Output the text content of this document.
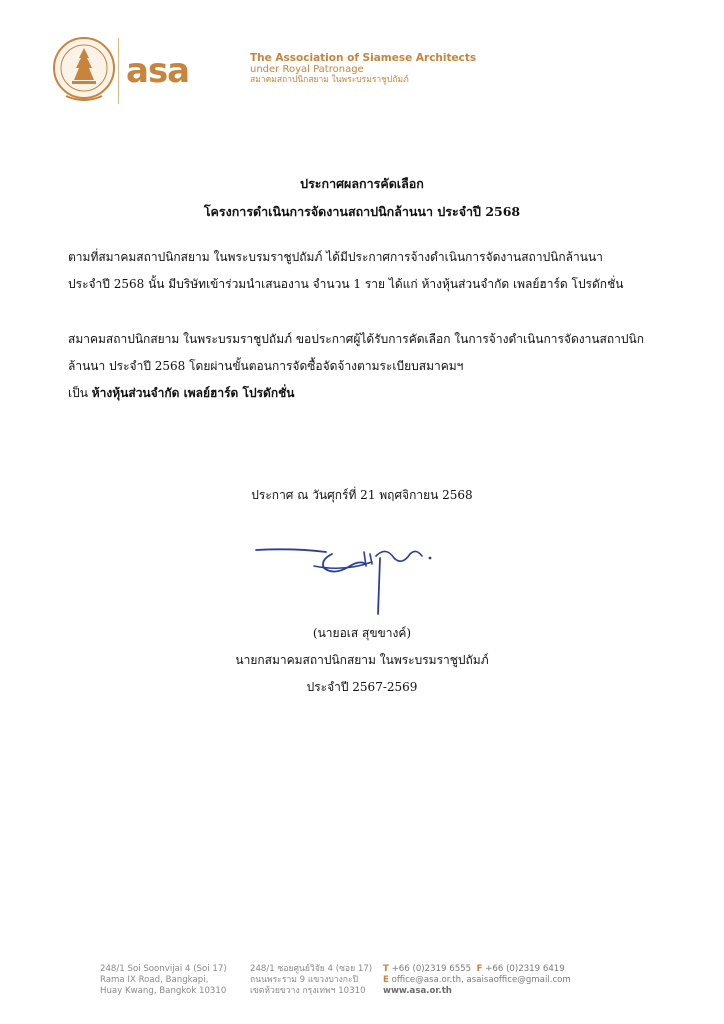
asa	The Association of Siamese Architects
under Royal Patronage
สมาคมสถาปนิกสยาม ในพระบรมราชูปถัมภ์
ประกาศผลการคัดเลือก
โครงการดำเนินการจัดงานสถาปนิกล้านนา ประจำปี 2568
ตามที่สมาคมสถาปนิกสยาม ในพระบรมราชูปถัมภ์ ได้มีประกาศการจ้างดำเนินการจัดงานสถาปนิกล้านนา
ประจำปี 2568 นั้น มีบริษัทเข้าร่วมนำเสนองาน จำนวน 1 ราย ได้แก่ ห้างหุ้นส่วนจำกัด เพลย์ฮาร์ด โปรดักชั่น
สมาคมสถาปนิกสยาม ในพระบรมราชูปถัมภ์ ขอประกาศผู้ได้รับการคัดเลือก ในการจ้างดำเนินการจัดงานสถาปนิก
ล้านนา ประจำปี 2568 โดยผ่านขั้นตอนการจัดซื้อจัดจ้างตามระเบียบสมาคมฯ
เป็น ห้างหุ้นส่วนจำกัด เพลย์ฮาร์ด โปรดักชั่น
ประกาศ ณ วันศุกร์ที่ 21 พฤศจิกายน 2568
(นายอเส สุขขางค์)
นายกสมาคมสถาปนิกสยาม ในพระบรมราชูปถัมภ์
ประจำปี 2567-2569
248/1 Soi Soonvijai 4 (Soi 17)
Rama IX Road, Bangkapi,
Huay Kwang, Bangkok 10310
248/1 ซอยศูนย์วิจัย 4 (ซอย 17)
ถนนพระราม 9 แขวงบางกะปิ
เขตห้วยขวาง กรุงเทพฯ 10310
T +66 (0)2319 6555 F +66 (0)2319 6419
E office@asa.or.th, asaisaoffice@gmail.com
www.asa.or.th
